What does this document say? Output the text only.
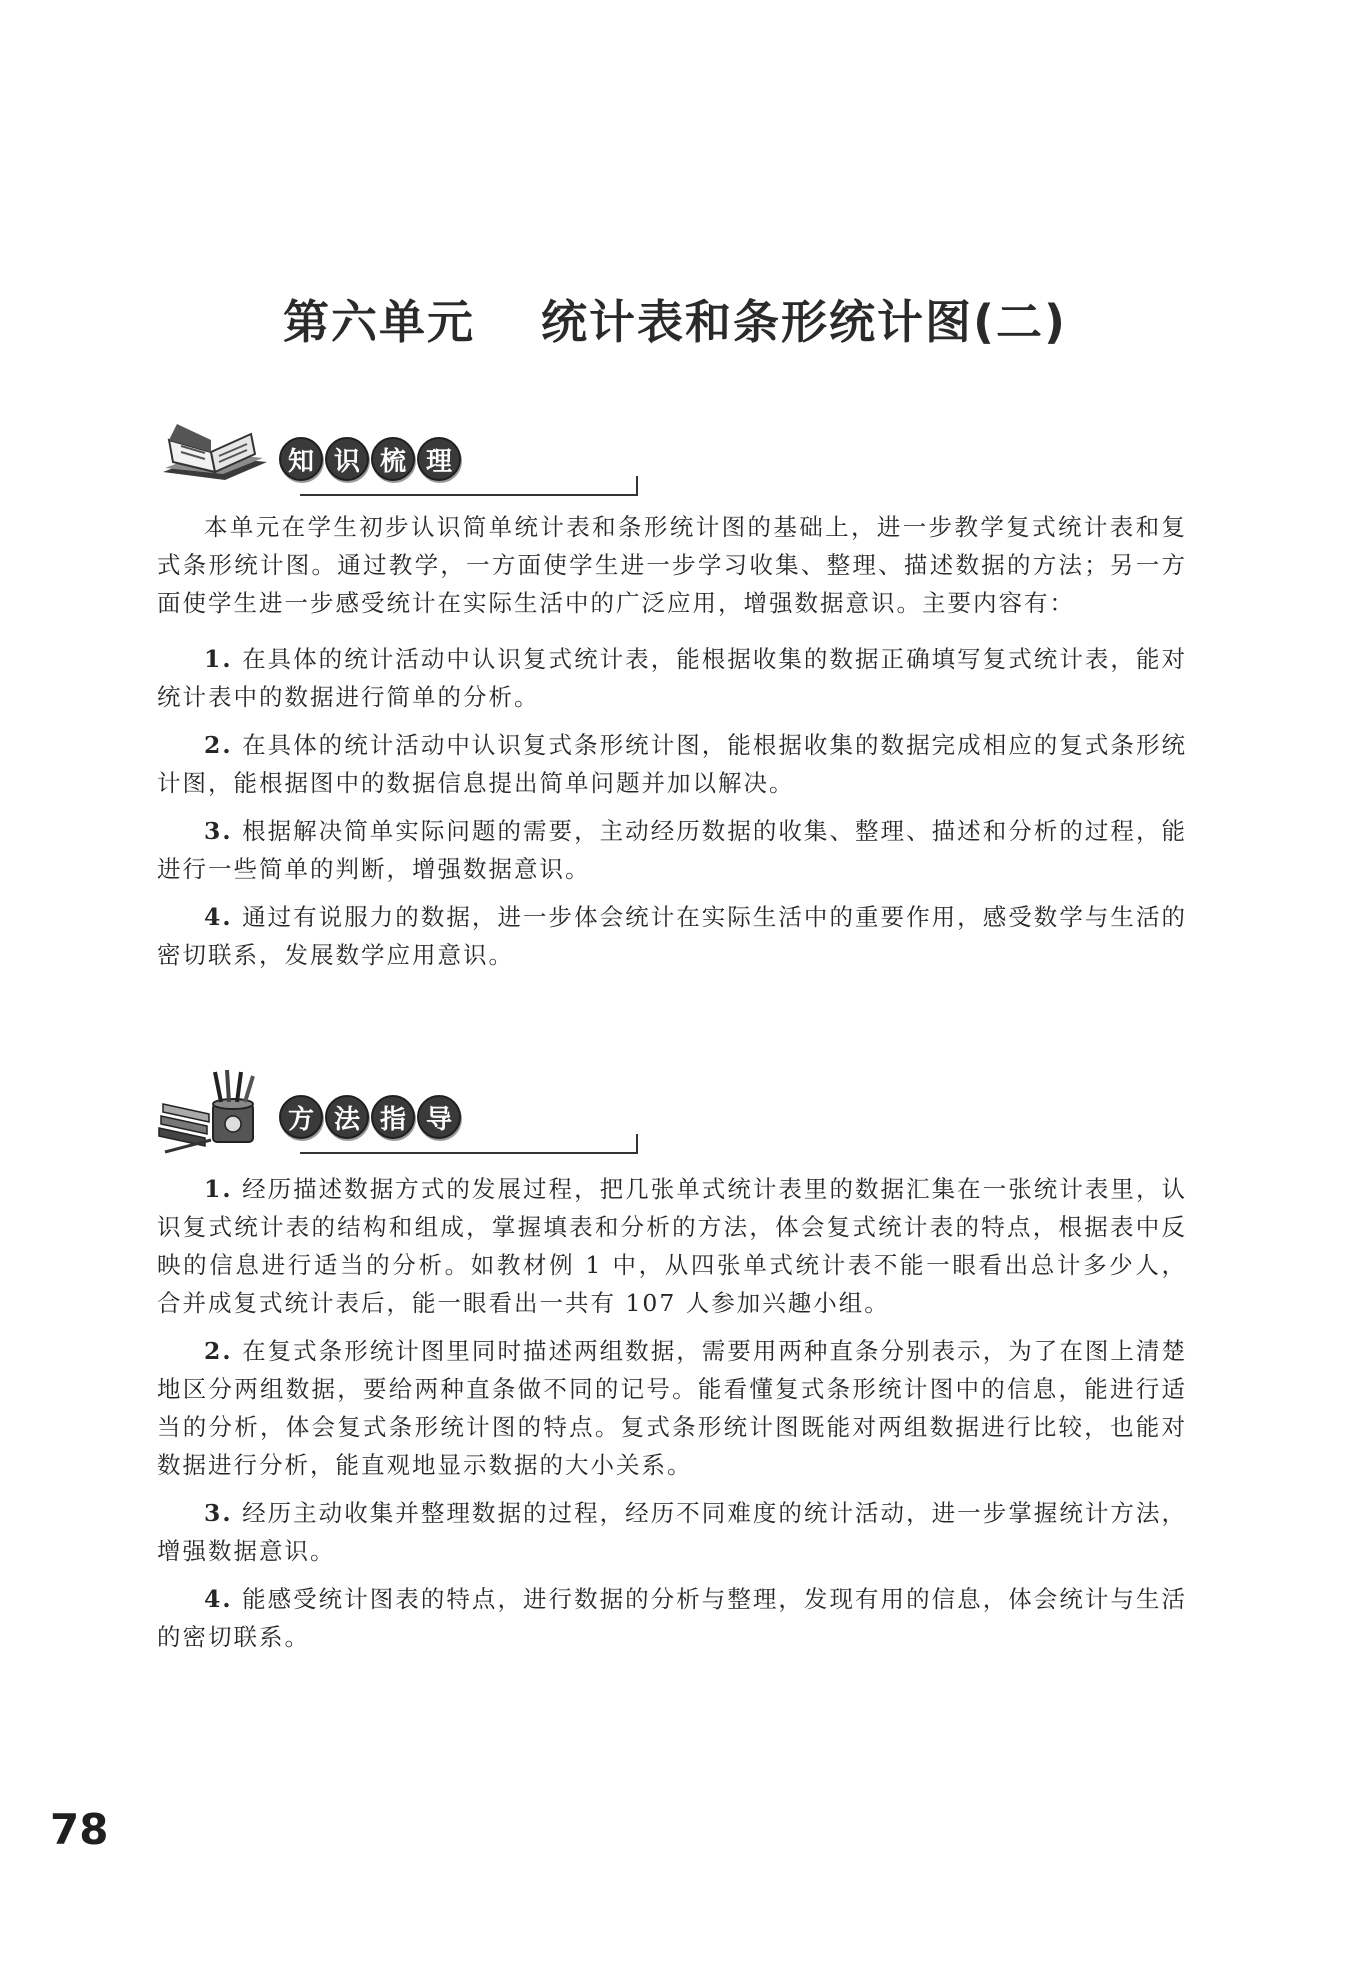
第六单元 统计表和条形统计图(二)
知 识 梳 理

本单元在学生初步认识简单统计表和条形统计图的基础上，进一步教学复式统计表和复式条形统计图。通过教学，一方面使学生进一步学习收集、整理、描述数据的方法；另一方面使学生进一步感受统计在实际生活中的广泛应用，增强数据意识。主要内容有：

1. 在具体的统计活动中认识复式统计表，能根据收集的数据正确填写复式统计表，能对统计表中的数据进行简单的分析。

2. 在具体的统计活动中认识复式条形统计图，能根据收集的数据完成相应的复式条形统计图，能根据图中的数据信息提出简单问题并加以解决。

3. 根据解决简单实际问题的需要，主动经历数据的收集、整理、描述和分析的过程，能进行一些简单的判断，增强数据意识。

4. 通过有说服力的数据，进一步体会统计在实际生活中的重要作用，感受数学与生活的密切联系，发展数学应用意识。

方 法 指 导

1. 经历描述数据方式的发展过程，把几张单式统计表里的数据汇集在一张统计表里，认识复式统计表的结构和组成，掌握填表和分析的方法，体会复式统计表的特点，根据表中反映的信息进行适当的分析。如教材例 1 中，从四张单式统计表不能一眼看出总计多少人，合并成复式统计表后，能一眼看出一共有 107 人参加兴趣小组。

2. 在复式条形统计图里同时描述两组数据，需要用两种直条分别表示，为了在图上清楚地区分两组数据，要给两种直条做不同的记号。能看懂复式条形统计图中的信息，能进行适当的分析，体会复式条形统计图的特点。复式条形统计图既能对两组数据进行比较，也能对数据进行分析，能直观地显示数据的大小关系。

3. 经历主动收集并整理数据的过程，经历不同难度的统计活动，进一步掌握统计方法，增强数据意识。

4. 能感受统计图表的特点，进行数据的分析与整理，发现有用的信息，体会统计与生活的密切联系。

78
